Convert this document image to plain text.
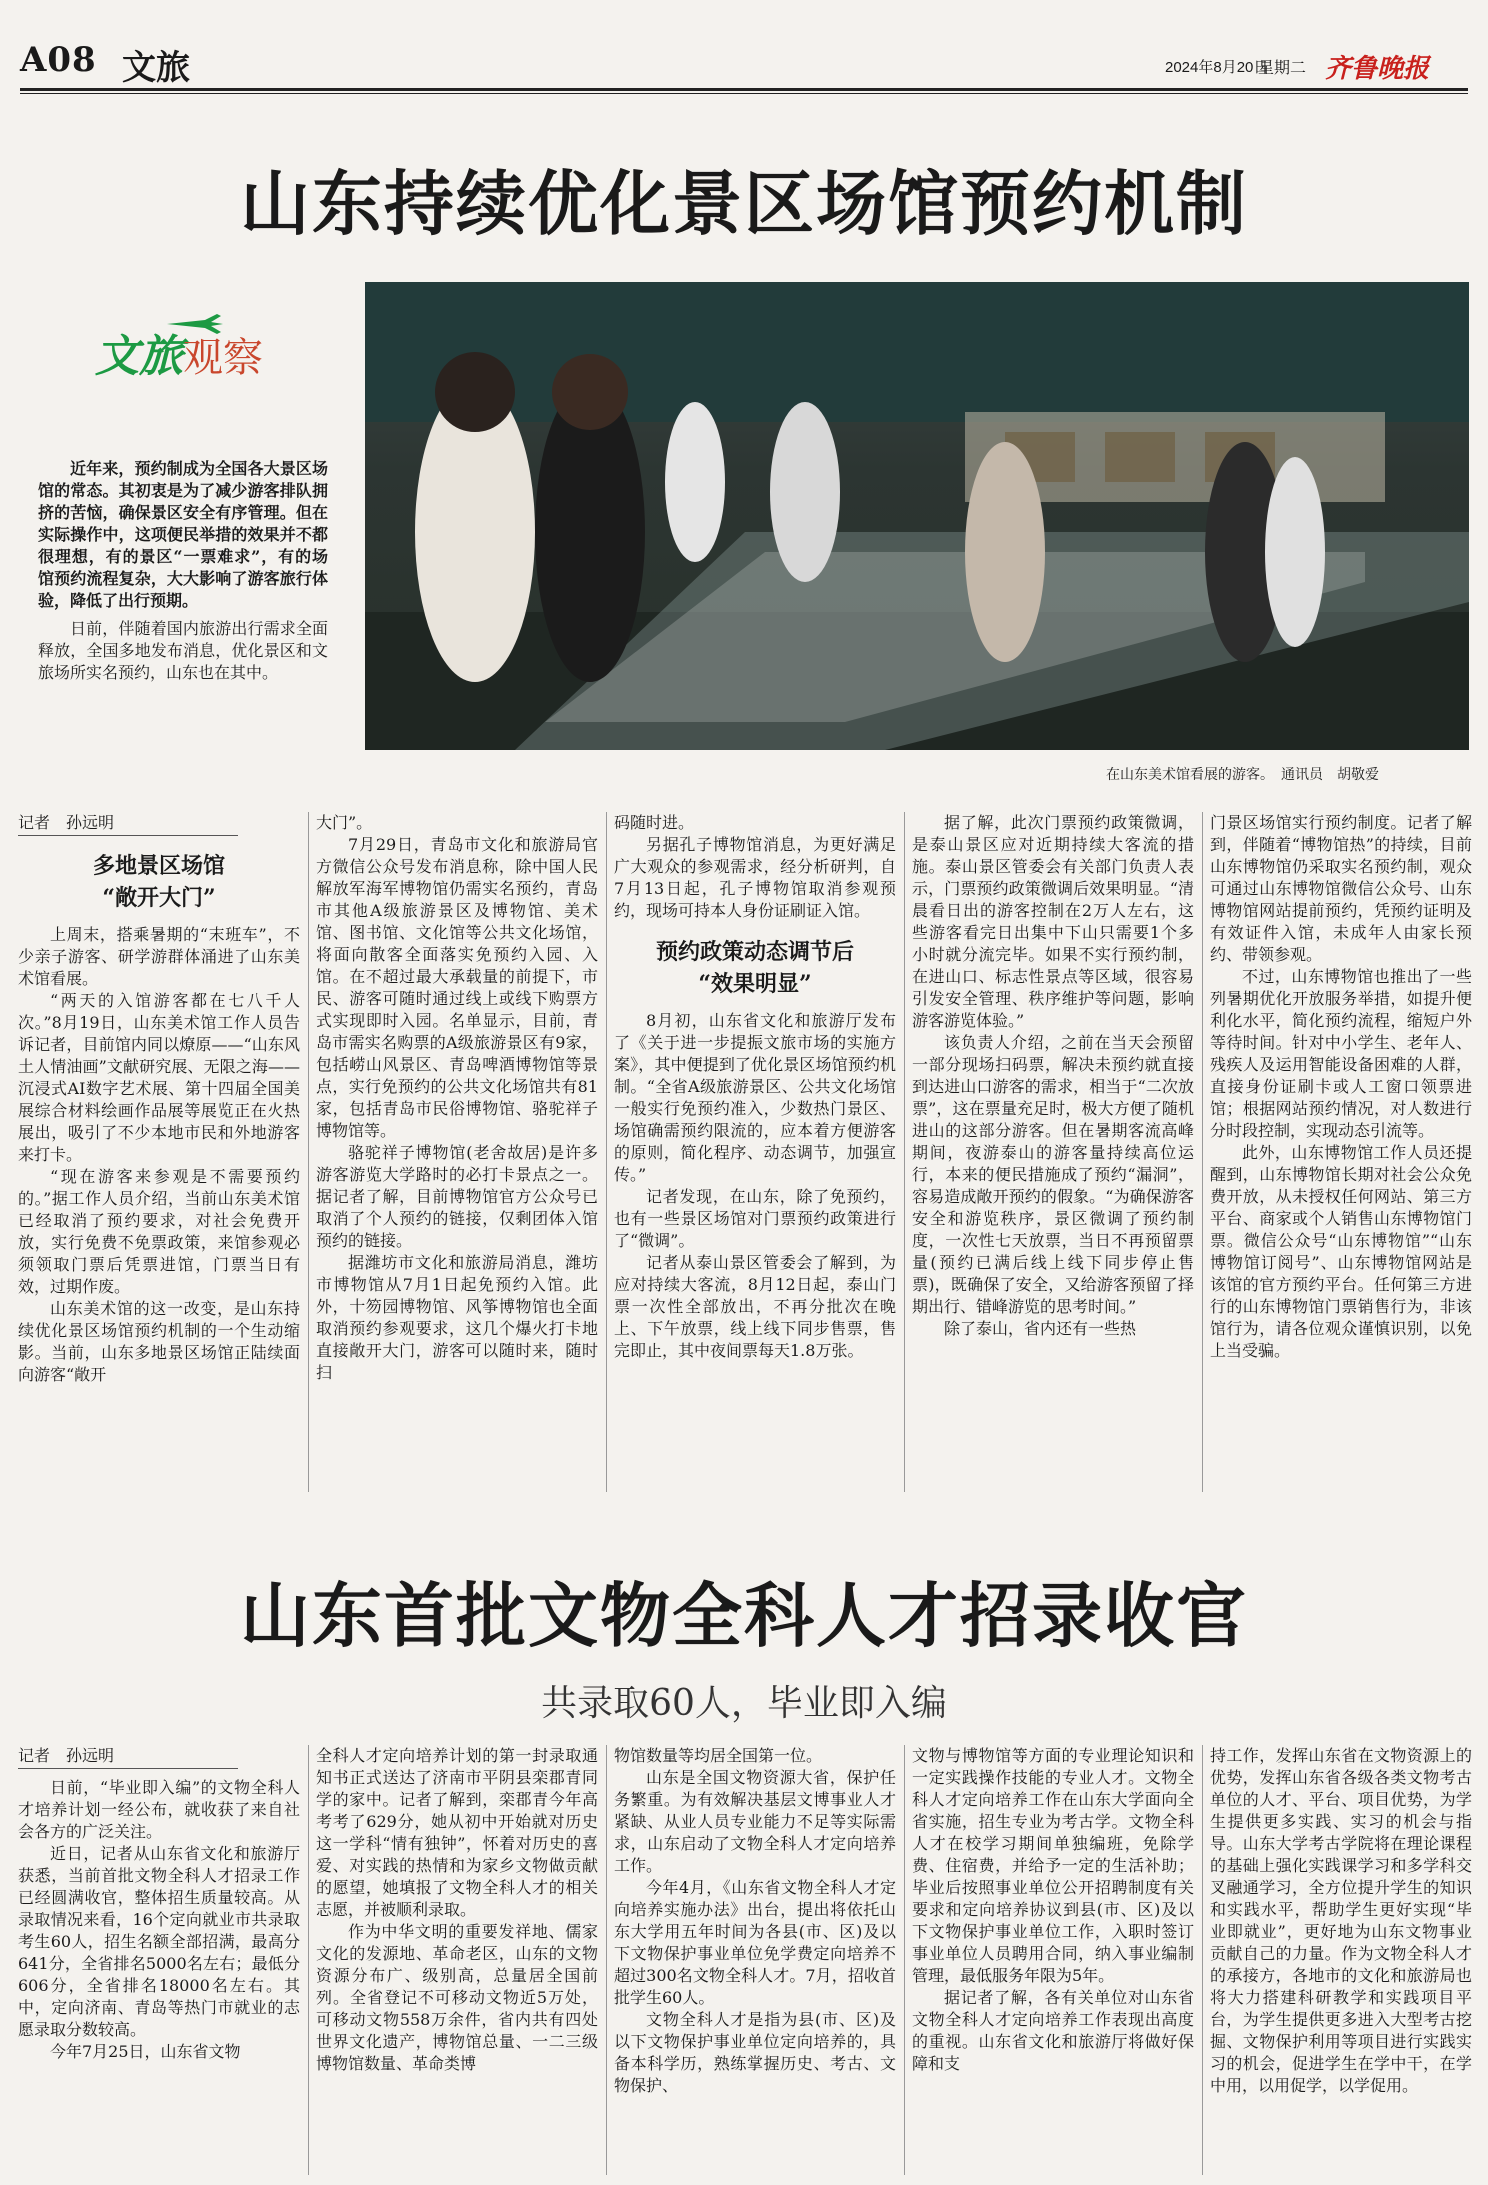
A08 文旅	2024年8月20日
星期二 齐鲁晚报
山东持续优化景区场馆预约机制
文旅观察

近年来，预约制成为全国各大景区场馆的常态。其初衷是为了减少游客排队拥挤的苦恼，确保景区安全有序管理。但在实际操作中，这项便民举措的效果并不都很理想，有的景区“一票难求”，有的场馆预约流程复杂，大大影响了游客旅行体验，降低了出行预期。

日前，伴随着国内旅游出行需求全面释放，全国多地发布消息，优化景区和文旅场所实名预约，山东也在其中。

在山东美术馆看展的游客。　通讯员　胡敬爱
记者　孙远明
多地景区场馆
“敞开大门”

上周末，搭乘暑期的“末班车”，不少亲子游客、研学游群体涌进了山东美术馆看展。

“两天的入馆游客都在七八千人次。”8月19日，山东美术馆工作人员告诉记者，目前馆内同以燎原——“山东风土人情油画”文献研究展、无限之海——沉浸式AI数字艺术展、第十四届全国美展综合材料绘画作品展等展览正在火热展出，吸引了不少本地市民和外地游客来打卡。

“现在游客来参观是不需要预约的。”据工作人员介绍，当前山东美术馆已经取消了预约要求，对社会免费开放，实行免费不免票政策，来馆参观必须领取门票后凭票进馆，门票当日有效，过期作废。

山东美术馆的这一改变，是山东持续优化景区场馆预约机制的一个生动缩影。当前，山东多地景区场馆正陆续面向游客“敞开

大门”。

7月29日，青岛市文化和旅游局官方微信公众号发布消息称，除中国人民解放军海军博物馆仍需实名预约，青岛市其他A级旅游景区及博物馆、美术馆、图书馆、文化馆等公共文化场馆，将面向散客全面落实免预约入园、入馆。在不超过最大承载量的前提下，市民、游客可随时通过线上或线下购票方式实现即时入园。名单显示，目前，青岛市需实名购票的A级旅游景区有9家，包括崂山风景区、青岛啤酒博物馆等景点，实行免预约的公共文化场馆共有81家，包括青岛市民俗博物馆、骆驼祥子博物馆等。

骆驼祥子博物馆(老舍故居)是许多游客游览大学路时的必打卡景点之一。据记者了解，目前博物馆官方公众号已取消了个人预约的链接，仅剩团体入馆预约的链接。

据潍坊市文化和旅游局消息，潍坊市博物馆从7月1日起免预约入馆。此外，十笏园博物馆、风筝博物馆也全面取消预约参观要求，这几个爆火打卡地直接敞开大门，游客可以随时来，随时扫

码随时进。

另据孔子博物馆消息，为更好满足广大观众的参观需求，经分析研判，自7月13日起，孔子博物馆取消参观预约，现场可持本人身份证刷证入馆。

预约政策动态调节后
“效果明显”

8月初，山东省文化和旅游厅发布了《关于进一步提振文旅市场的实施方案》，其中便提到了优化景区场馆预约机制。“全省A级旅游景区、公共文化场馆一般实行免预约准入，少数热门景区、场馆确需预约限流的，应本着方便游客的原则，简化程序、动态调节，加强宣传。”

记者发现，在山东，除了免预约，也有一些景区场馆对门票预约政策进行了“微调”。

记者从泰山景区管委会了解到，为应对持续大客流，8月12日起，泰山门票一次性全部放出，不再分批次在晚上、下午放票，线上线下同步售票，售完即止，其中夜间票每天1.8万张。

据了解，此次门票预约政策微调，是泰山景区应对近期持续大客流的措施。泰山景区管委会有关部门负责人表示，门票预约政策微调后效果明显。“清晨看日出的游客控制在2万人左右，这些游客看完日出集中下山只需要1个多小时就分流完毕。如果不实行预约制，在进山口、标志性景点等区域，很容易引发安全管理、秩序维护等问题，影响游客游览体验。”

该负责人介绍，之前在当天会预留一部分现场扫码票，解决未预约就直接到达进山口游客的需求，相当于“二次放票”，这在票量充足时，极大方便了随机进山的这部分游客。但在暑期客流高峰期间，夜游泰山的游客量持续高位运行，本来的便民措施成了预约“漏洞”，容易造成敞开预约的假象。“为确保游客安全和游览秩序，景区微调了预约制度，一次性七天放票，当日不再预留票量(预约已满后线上线下同步停止售票)，既确保了安全，又给游客预留了择期出行、错峰游览的思考时间。”

除了泰山，省内还有一些热

门景区场馆实行预约制度。记者了解到，伴随着“博物馆热”的持续，目前山东博物馆仍采取实名预约制，观众可通过山东博物馆微信公众号、山东博物馆网站提前预约，凭预约证明及有效证件入馆，未成年人由家长预约、带领参观。

不过，山东博物馆也推出了一些列暑期优化开放服务举措，如提升便利化水平，简化预约流程，缩短户外等待时间。针对中小学生、老年人、残疾人及运用智能设备困难的人群，直接身份证刷卡或人工窗口领票进馆；根据网站预约情况，对人数进行分时段控制，实现动态引流等。

此外，山东博物馆工作人员还提醒到，山东博物馆长期对社会公众免费开放，从未授权任何网站、第三方平台、商家或个人销售山东博物馆门票。微信公众号“山东博物馆”“山东博物馆订阅号”、山东博物馆网站是该馆的官方预约平台。任何第三方进行的山东博物馆门票销售行为，非该馆行为，请各位观众谨慎识别，以免上当受骗。

山东首批文物全科人才招录收官
共录取60人，毕业即入编
记者　孙远明

日前，“毕业即入编”的文物全科人才培养计划一经公布，就收获了来自社会各方的广泛关注。

近日，记者从山东省文化和旅游厅获悉，当前首批文物全科人才招录工作已经圆满收官，整体招生质量较高。从录取情况来看，16个定向就业市共录取考生60人，招生名额全部招满，最高分641分，全省排名5000名左右；最低分606分，全省排名18000名左右。其中，定向济南、青岛等热门市就业的志愿录取分数较高。

今年7月25日，山东省文物

全科人才定向培养计划的第一封录取通知书正式送达了济南市平阴县栾郡青同学的家中。记者了解到，栾郡青今年高考考了629分，她从初中开始就对历史这一学科“情有独钟”，怀着对历史的喜爱、对实践的热情和为家乡文物做贡献的愿望，她填报了文物全科人才的相关志愿，并被顺利录取。

作为中华文明的重要发祥地、儒家文化的发源地、革命老区，山东的文物资源分布广、级别高，总量居全国前列。全省登记不可移动文物近5万处，可移动文物558万余件，省内共有四处世界文化遗产，博物馆总量、一二三级博物馆数量、革命类博

物馆数量等均居全国第一位。

山东是全国文物资源大省，保护任务繁重。为有效解决基层文博事业人才紧缺、从业人员专业能力不足等实际需求，山东启动了文物全科人才定向培养工作。

今年4月，《山东省文物全科人才定向培养实施办法》出台，提出将依托山东大学用五年时间为各县(市、区)及以下文物保护事业单位免学费定向培养不超过300名文物全科人才。7月，招收首批学生60人。

文物全科人才是指为县(市、区)及以下文物保护事业单位定向培养的，具备本科学历，熟练掌握历史、考古、文物保护、

文物与博物馆等方面的专业理论知识和一定实践操作技能的专业人才。文物全科人才定向培养工作在山东大学面向全省实施，招生专业为考古学。文物全科人才在校学习期间单独编班，免除学费、住宿费，并给予一定的生活补助；毕业后按照事业单位公开招聘制度有关要求和定向培养协议到县(市、区)及以下文物保护事业单位工作，入职时签订事业单位人员聘用合同，纳入事业编制管理，最低服务年限为5年。

据记者了解，各有关单位对山东省文物全科人才定向培养工作表现出高度的重视。山东省文化和旅游厅将做好保障和支

持工作，发挥山东省在文物资源上的优势，发挥山东省各级各类文物考古单位的人才、平台、项目优势，为学生提供更多实践、实习的机会与指导。山东大学考古学院将在理论课程的基础上强化实践课学习和多学科交叉融通学习，全方位提升学生的知识和实践水平，帮助学生更好实现“毕业即就业”，更好地为山东文物事业贡献自己的力量。作为文物全科人才的承接方，各地市的文化和旅游局也将大力搭建科研教学和实践项目平台，为学生提供更多进入大型考古挖掘、文物保护利用等项目进行实践实习的机会，促进学生在学中干，在学中用，以用促学，以学促用。
